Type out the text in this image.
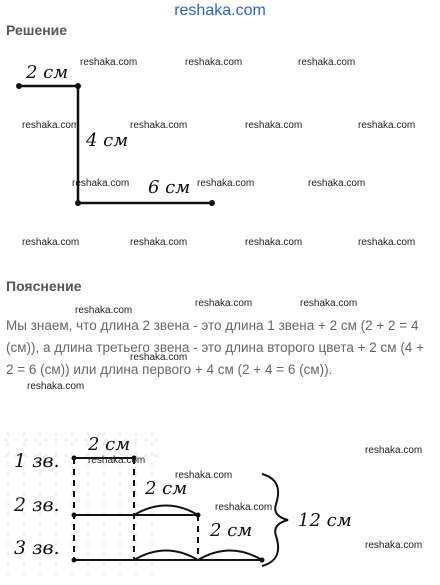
reshaka.com
Решение
reshaka.com	reshaka.com	reshaka.com
reshaka.com	reshaka.com	reshaka.com	reshaka.com
reshaka.com	reshaka.com	reshaka.com
reshaka.com	reshaka.com	reshaka.com	reshaka.com
2 см
4 см
6 см
Пояснение
reshaka.com
reshaka.com	reshaka.com
reshaka.com
reshaka.com
Мы знаем, что длина 2 звена - это длина 1 звена + 2 см (2 + 2 = 4 (см)), а длина третьего звена - это длина второго цвета + 2 см (4 + 2 = 6 (см)) или длина первого + 4 см (2 + 4 = 6 (см)).
1 зв.
2 зв.
3 зв.
2 см
2 см
2 см	12 см
reshaka.com
reshaka.com
reshaka.com
reshaka.com
reshaka.com
